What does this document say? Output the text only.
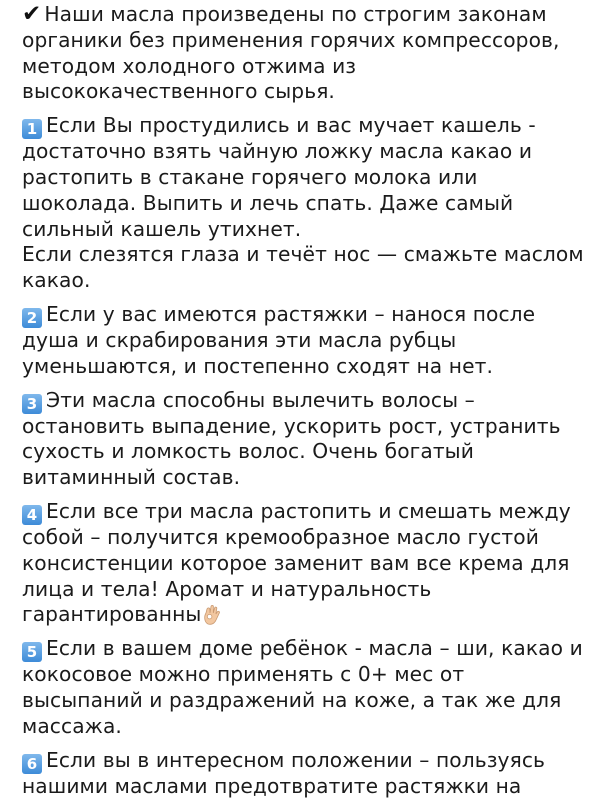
✔ Наши масла произведены по строгим законам органики без применения горячих компрессоров, методом холодного отжима из высококачественного сырья.

1 Если Вы простудились и вас мучает кашель - достаточно взять чайную ложку масла какао и растопить в стакане горячего молока или шоколада. Выпить и лечь спать. Даже самый сильный кашель утихнет.

Если слезятся глаза и течёт нос — смажьте маслом какао.

2 Если у вас имеются растяжки – нанося после душа и скрабирования эти масла рубцы уменьшаются, и постепенно сходят на нет.

3 Эти масла способны вылечить волосы – остановить выпадение, ускорить рост, устранить сухость и ломкость волос. Очень богатый витаминный состав.

4 Если все три масла растопить и смешать между собой – получится кремообразное масло густой консистенции которое заменит вам все крема для лица и тела! Аромат и натуральность гарантированны

5 Если в вашем доме ребёнок - масла – ши, какао и кокосовое можно применять с 0+ мес от высыпаний и раздражений на коже, а так же для массажа.

6 Если вы в интересном положении – пользуясь нашими маслами предотвратите растяжки на
